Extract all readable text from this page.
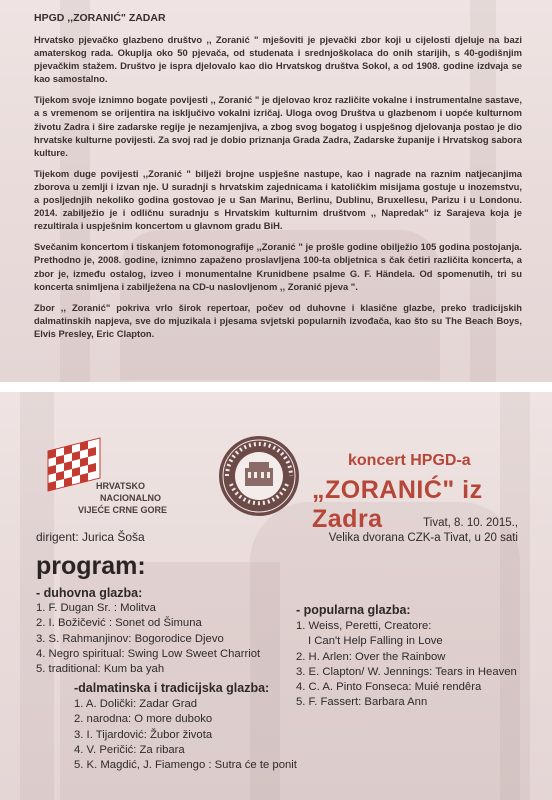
HPGD ,,ZORANIĆ" ZADAR

Hrvatsko pjevačko glazbeno društvo ,, Zoranić " mješoviti je pjevački zbor koji u cijelosti djeluje na bazi amaterskog rada. Okuplja oko 50 pjevača, od studenata i srednjoškolaca do onih starijih, s 40-godišnjim pjevačkim stažem. Društvo je ispra djelovalo kao dio Hrvatskog društva Sokol, a od 1908. godine izdvaja se kao samostalno.

Tijekom svoje iznimno bogate povijesti ,, Zoranić " je djelovao kroz različite vokalne i instrumentalne sastave, a s vremenom se orijentira na isključivo vokalni izričaj. Uloga ovog Društva u glazbenom i uopće kulturnom životu Zadra i šire zadarske regije je nezamjenjiva, a zbog svog bogatog i uspješnog djelovanja postao je dio hrvatske kulturne povijesti. Za svoj rad je dobio priznanja Grada Zadra, Zadarske županije i Hrvatskog sabora kulture.

Tijekom duge povijesti ,,Zoranić " bilježi brojne uspješne nastupe, kao i nagrade na raznim natjecanjima zborova u zemlji i izvan nje. U suradnji s hrvatskim zajednicama i katoličkim misijama gostuje u inozemstvu, a posljednjih nekoliko godina gostovao je u San Marinu, Berlinu, Dublinu, Bruxellesu, Parizu i u Londonu. 2014. zabilježio je i odličnu suradnju s Hrvatskim kulturnim društvom ,, Napredak" iz Sarajeva koja je rezultirala i uspješnim koncertom u glavnom gradu BiH.

Svečanim koncertom i tiskanjem fotomonografije ,,Zoranić " je prošle godine obilježio 105 godina postojanja. Prethodno je, 2008. godine, iznimno zapaženo proslavljena 100-ta obljetnica s čak četiri različita koncerta, a zbor je, između ostalog, izveo i monumentalne Krunidbene psalme G. F. Händela. Od spomenutih, tri su koncerta snimljena i zabilježena na CD-u naslovljenom ,, Zoranić pjeva ".

Zbor ,, Zoranić" pokriva vrlo širok repertoar, počev od duhovne i klasične glazbe, preko tradicijskih dalmatinskih napjeva, sve do mjuzikala i pjesama svjetski popularnih izvođača, kao što su The Beach Boys, Elvis Presley, Eric Clapton.

HRVATSKO
NACIONALNO
VIJEĆE CRNE GORE
koncert HPGD-a
„ZORANIĆ" iz Zadra	Tivat, 8. 10. 2015.,
Velika dvorana CZK-a Tivat, u 20 sati
dirigent: Jurica Šoša
program:
- duhovna glazba:
1. F. Dugan Sr. : Molitva
2. I. Božičević : Sonet od Šimuna
3. S. Rahmanjinov: Bogorodice Djevo
4. Negro spiritual: Swing Low Sweet Charriot
5. traditional: Kum ba yah
-dalmatinska i tradicijska glazba:
1. A. Dolički: Zadar Grad
2. narodna: O more duboko
3. I. Tijardović: Žubor života
4. V. Peričić: Za ribara
5. K. Magdić, J. Fiamengo : Sutra će te ponit
- popularna glazba:
1. Weiss, Peretti, Creatore:
I Can't Help Falling in Love
2. H. Arlen: Over the Rainbow
3. E. Clapton/ W. Jennings: Tears in Heaven
4. C. A. Pinto Fonseca: Muié rendêra
5. F. Fassert: Barbara Ann
